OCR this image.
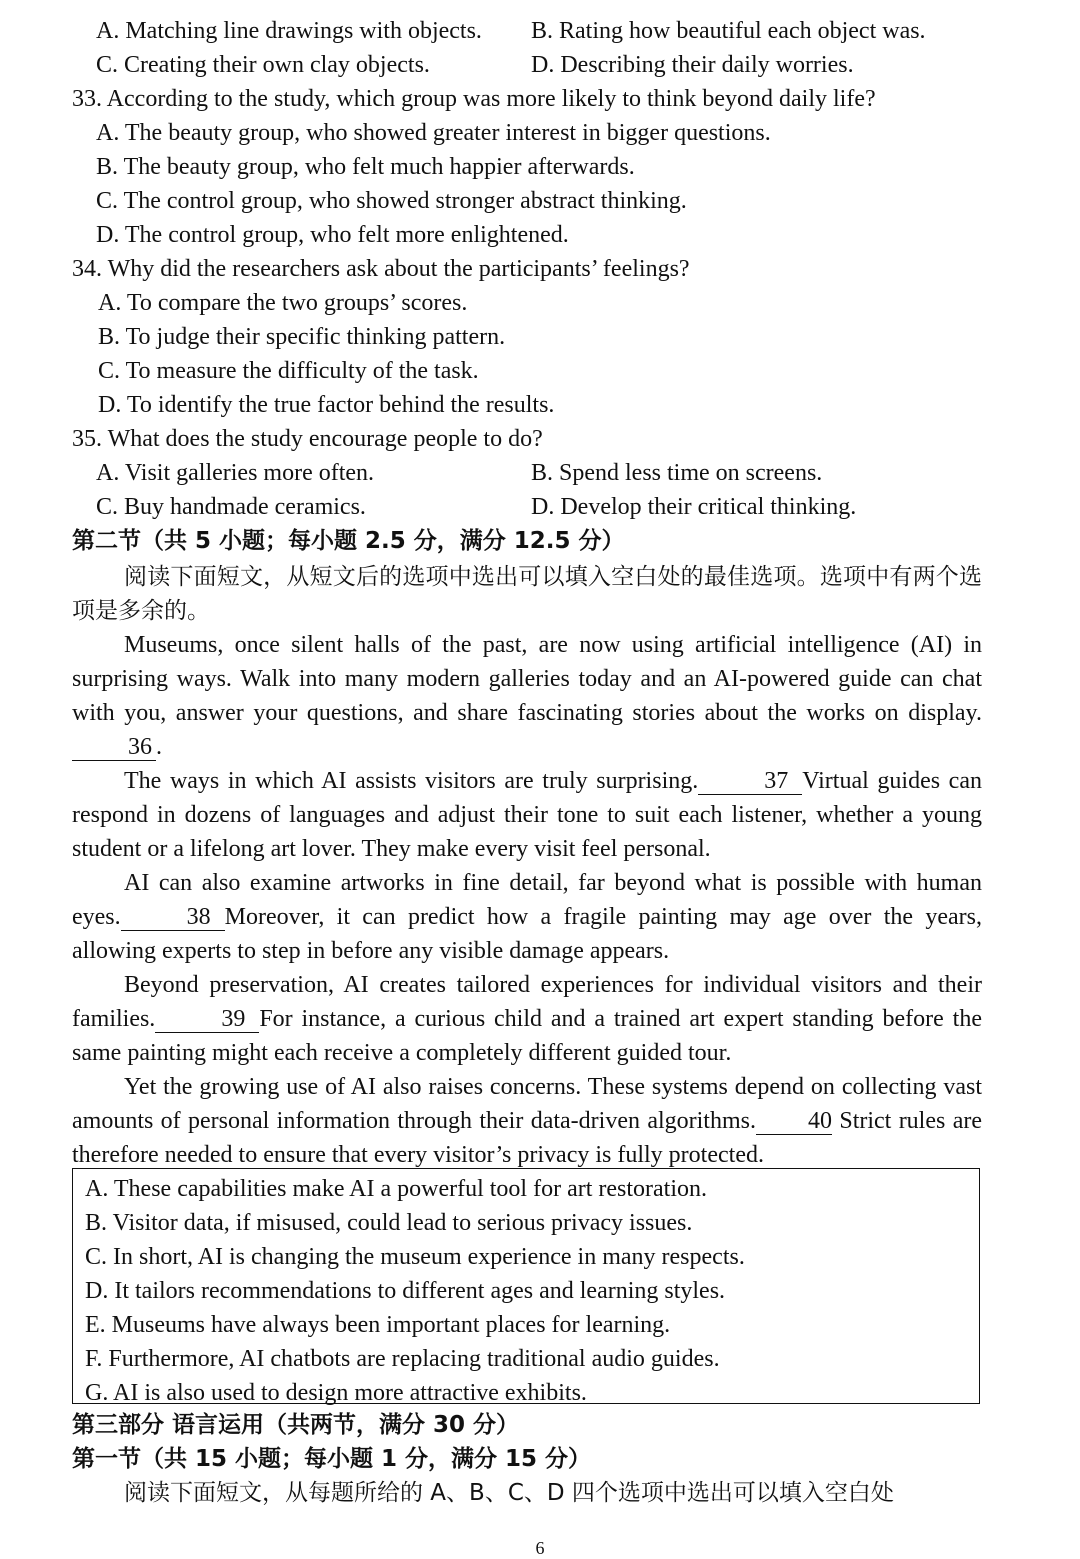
A. Matching line drawings with objects.	B. Rating how beautiful each object was.
C. Creating their own clay objects.	D. Describing their daily worries.
33. According to the study, which group was more likely to think beyond daily life?
A. The beauty group, who showed greater interest in bigger questions.
B. The beauty group, who felt much happier afterwards.
C. The control group, who showed stronger abstract thinking.
D. The control group, who felt more enlightened.
34. Why did the researchers ask about the participants’ feelings?
A. To compare the two groups’ scores.
B. To judge their specific thinking pattern.
C. To measure the difficulty of the task.
D. To identify the true factor behind the results.
35. What does the study encourage people to do?
A. Visit galleries more often.	B. Spend less time on screens.
C. Buy handmade ceramics.	D. Develop their critical thinking.
第二节（共 5 小题；每小题 2.5 分，满分 12.5 分）

阅读下面短文，从短文后的选项中选出可以填入空白处的最佳选项。选项中有两个选项是多余的。

Museums, once silent halls of the past, are now using artificial intelligence (AI) in surprising ways. Walk into many modern galleries today and an AI-powered guide can chat with you, answer your questions, and share fascinating stories about the works on display.36 .

The ways in which AI assists visitors are truly surprising.	37 Virtual guides can respond in dozens of languages and adjust their tone to suit each listener, whether a young student or a lifelong art lover. They make every visit feel personal.

AI can also examine artworks in fine detail, far beyond what is possible with human eyes.	38 Moreover, it can predict how a fragile painting may age over the years, allowing experts to step in before any visible damage appears.

Beyond preservation, AI creates tailored experiences for individual visitors and their families.	39 For instance, a curious child and a trained art expert standing before the same painting might each receive a completely different guided tour.

Yet the growing use of AI also raises concerns. These systems depend on collecting vast amounts of personal information through their data-driven algorithms. 40 Strict rules are therefore needed to ensure that every visitor’s privacy is fully protected.

A. These capabilities make AI a powerful tool for art restoration.
B. Visitor data, if misused, could lead to serious privacy issues.
C. In short, AI is changing the museum experience in many respects.
D. It tailors recommendations to different ages and learning styles.
E. Museums have always been important places for learning.
F. Furthermore, AI chatbots are replacing traditional audio guides.
G. AI is also used to design more attractive exhibits.
第三部分 语言运用（共两节，满分 30 分）
第一节（共 15 小题；每小题 1 分，满分 15 分）
阅读下面短文，从每题所给的 A、B、C、D 四个选项中选出可以填入空白处
6
